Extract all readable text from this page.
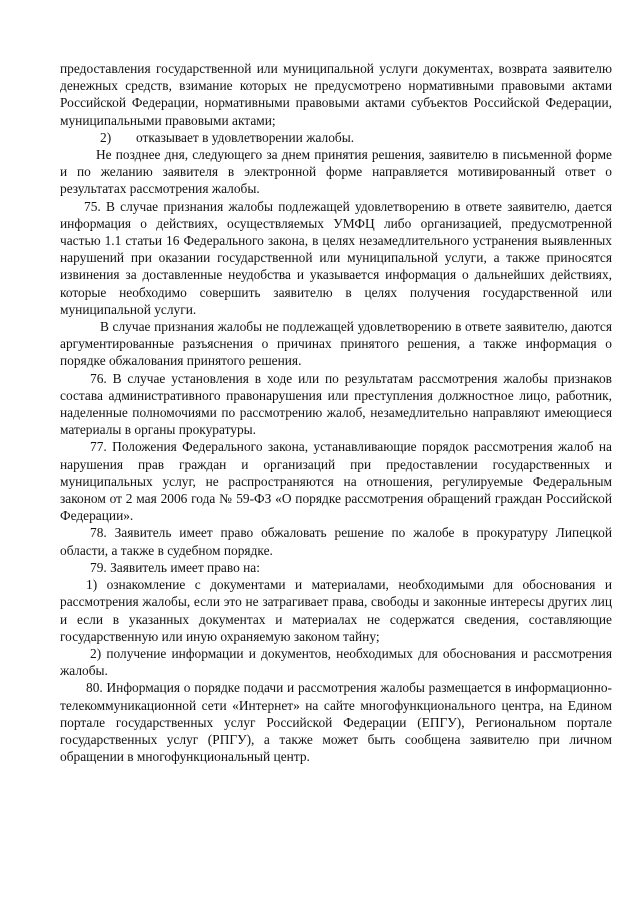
предоставления государственной или муниципальной услуги документах, возврата заявителю денежных средств, взимание которых не предусмотрено нормативными правовыми актами Российской Федерации, нормативными правовыми актами субъектов Российской Федерации, муниципальными правовыми актами;

2) отказывает в удовлетворении жалобы.

Не позднее дня, следующего за днем принятия решения, заявителю в письменной форме и по желанию заявителя в электронной форме направляется мотивированный ответ о результатах рассмотрения жалобы.

75. В случае признания жалобы подлежащей удовлетворению в ответе заявителю, дается информация о действиях, осуществляемых УМФЦ либо организацией, предусмотренной частью 1.1 статьи 16 Федерального закона, в целях незамедлительного устранения выявленных нарушений при оказании государственной или муниципальной услуги, а также приносятся извинения за доставленные неудобства и указывается информация о дальнейших действиях, которые необходимо совершить заявителю в целях получения государственной или муниципальной услуги.

В случае признания жалобы не подлежащей удовлетворению в ответе заявителю, даются аргументированные разъяснения о причинах принятого решения, а также информация о порядке обжалования принятого решения.

76. В случае установления в ходе или по результатам рассмотрения жалобы признаков состава административного правонарушения или преступления должностное лицо, работник, наделенные полномочиями по рассмотрению жалоб, незамедлительно направляют имеющиеся материалы в органы прокуратуры.

77. Положения Федерального закона, устанавливающие порядок рассмотрения жалоб на нарушения прав граждан и организаций при предоставлении государственных и муниципальных услуг, не распространяются на отношения, регулируемые Федеральным законом от 2 мая 2006 года № 59-ФЗ «О порядке рассмотрения обращений граждан Российской Федерации».

78. Заявитель имеет право обжаловать решение по жалобе в прокуратуру Липецкой области, а также в судебном порядке.

79. Заявитель имеет право на:

1) ознакомление с документами и материалами, необходимыми для обоснования и рассмотрения жалобы, если это не затрагивает права, свободы и законные интересы других лиц и если в указанных документах и материалах не содержатся сведения, составляющие государственную или иную охраняемую законом тайну;

2) получение информации и документов, необходимых для обоснования и рассмотрения жалобы.

80. Информация о порядке подачи и рассмотрения жалобы размещается в информационно-телекоммуникационной сети «Интернет» на сайте многофункционального центра, на Едином портале государственных услуг Российской Федерации (ЕПГУ), Региональном портале государственных услуг (РПГУ), а также может быть сообщена заявителю при личном обращении в многофункциональный центр.
